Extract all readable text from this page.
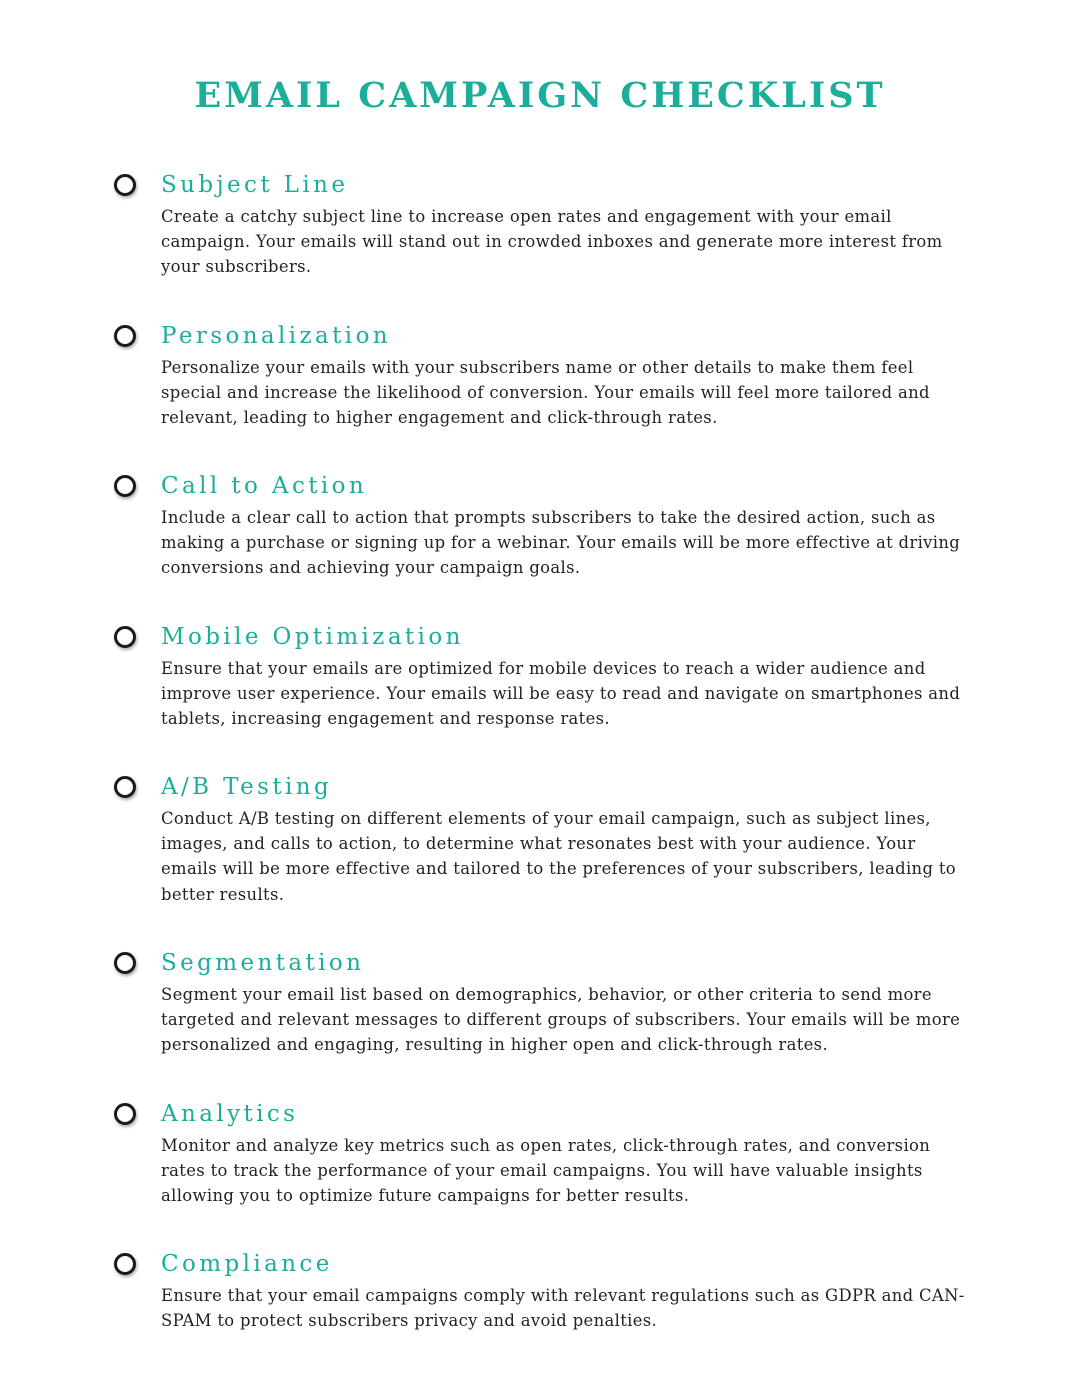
EMAIL CAMPAIGN CHECKLIST
Subject Line

Create a catchy subject line to increase open rates and engagement with your email campaign. Your emails will stand out in crowded inboxes and generate more interest from your subscribers.

Personalization

Personalize your emails with your subscribers name or other details to make them feel special and increase the likelihood of conversion. Your emails will feel more tailored and relevant, leading to higher engagement and click-through rates.

Call to Action

Include a clear call to action that prompts subscribers to take the desired action, such as making a purchase or signing up for a webinar. Your emails will be more effective at driving conversions and achieving your campaign goals.

Mobile Optimization

Ensure that your emails are optimized for mobile devices to reach a wider audience and improve user experience. Your emails will be easy to read and navigate on smartphones and tablets, increasing engagement and response rates.

A/B Testing

Conduct A/B testing on different elements of your email campaign, such as subject lines, images, and calls to action, to determine what resonates best with your audience. Your emails will be more effective and tailored to the preferences of your subscribers, leading to better results.

Segmentation

Segment your email list based on demographics, behavior, or other criteria to send more targeted and relevant messages to different groups of subscribers. Your emails will be more personalized and engaging, resulting in higher open and click-through rates.

Analytics

Monitor and analyze key metrics such as open rates, click-through rates, and conversion rates to track the performance of your email campaigns. You will have valuable insights allowing you to optimize future campaigns for better results.

Compliance

Ensure that your email campaigns comply with relevant regulations such as GDPR and CAN-SPAM to protect subscribers privacy and avoid penalties.
